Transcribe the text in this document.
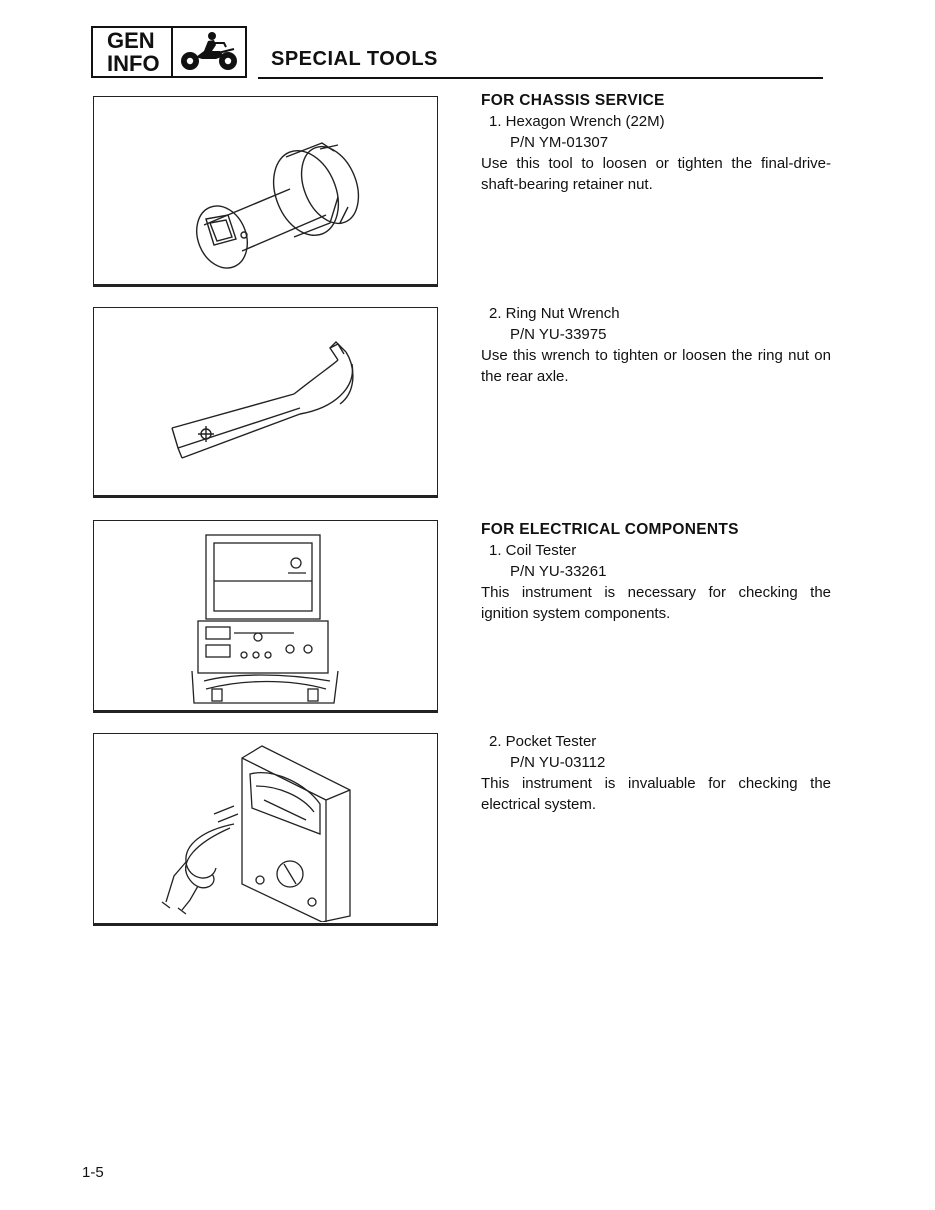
GEN
INFO	SPECIAL TOOLS
FOR CHASSIS SERVICE
1. Hexagon Wrench (22M)
P/N YM-01307
Use this tool to loosen or tighten the final-drive-shaft-bearing retainer nut.
2. Ring Nut Wrench
P/N YU-33975
Use this wrench to tighten or loosen the ring nut on the rear axle.
FOR ELECTRICAL COMPONENTS
1. Coil Tester
P/N YU-33261
This instrument is necessary for checking the ignition system components.
2. Pocket Tester
P/N YU-03112
This instrument is invaluable for checking the electrical system.
1-5
